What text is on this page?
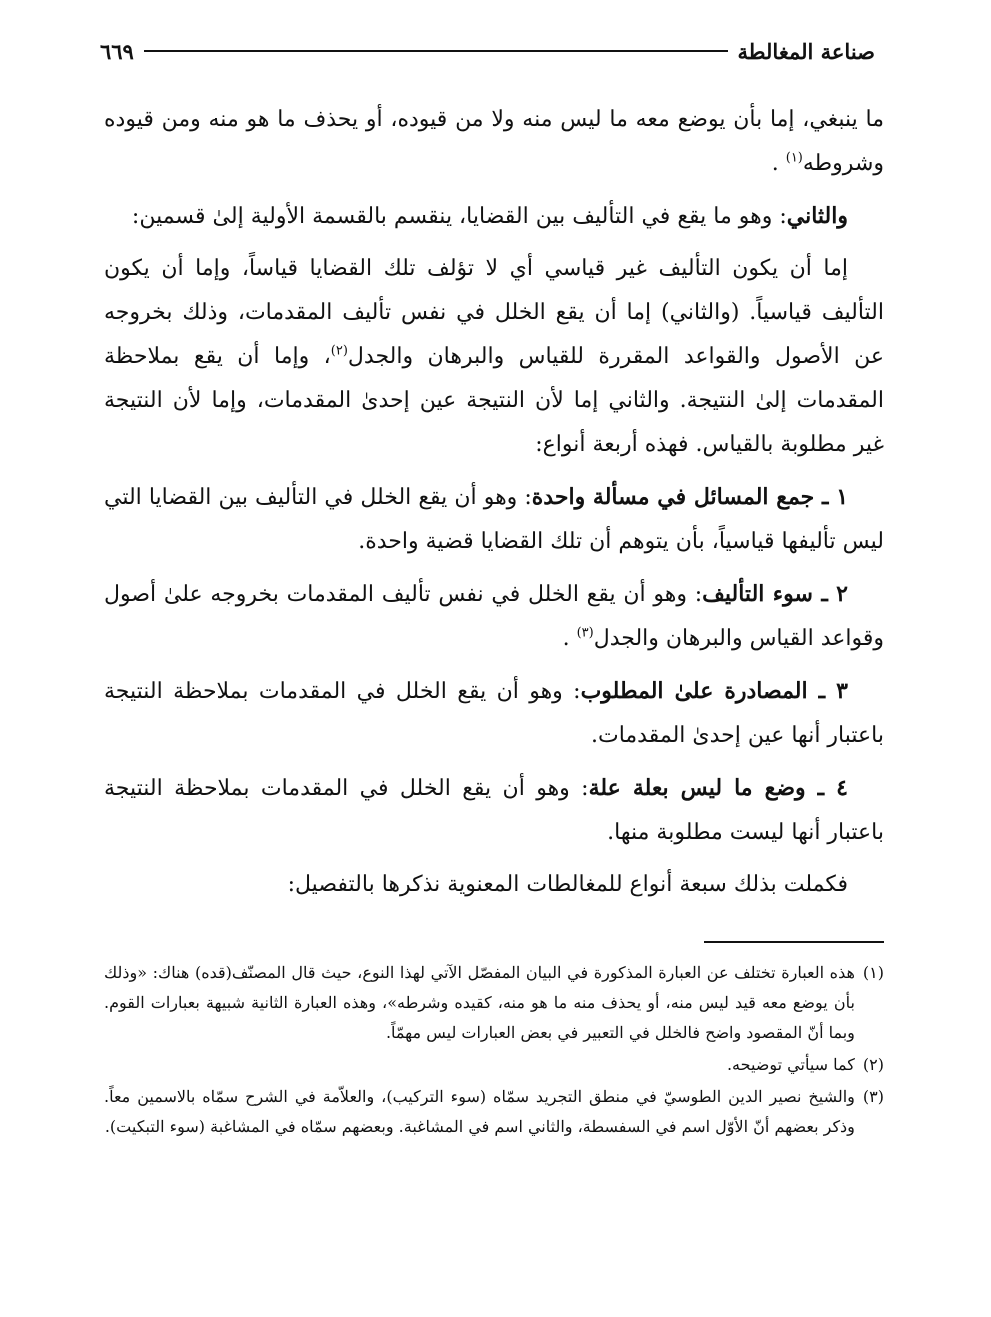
صناعة المغالطة
٦٦٩

ما ينبغي، إما بأن يوضع معه ما ليس منه ولا من قيوده، أو يحذف ما هو منه ومن قيوده وشروطه$^{(١)}$ .

والثاني: وهو ما يقع في التأليف بين القضايا، ينقسم بالقسمة الأولية إلىٰ قسمين:

إما أن يكون التأليف غير قياسي أي لا تؤلف تلك القضايا قياساً، وإما أن يكون التأليف قياسياً. (والثاني) إما أن يقع الخلل في نفس تأليف المقدمات، وذلك بخروجه عن الأصول والقواعد المقررة للقياس والبرهان والجدل$^{(٢)}$، وإما أن يقع بملاحظة المقدمات إلىٰ النتيجة. والثاني إما لأن النتيجة عين إحدىٰ المقدمات، وإما لأن النتيجة غير مطلوبة بالقياس. فهذه أربعة أنواع:

١ ـ جمع المسائل في مسألة واحدة: وهو أن يقع الخلل في التأليف بين القضايا التي ليس تأليفها قياسياً، بأن يتوهم أن تلك القضايا قضية واحدة.

٢ ـ سوء التأليف: وهو أن يقع الخلل في نفس تأليف المقدمات بخروجه علىٰ أصول وقواعد القياس والبرهان والجدل$^{(٣)}$ .

٣ ـ المصادرة علىٰ المطلوب: وهو أن يقع الخلل في المقدمات بملاحظة النتيجة باعتبار أنها عين إحدىٰ المقدمات.

٤ ـ وضع ما ليس بعلة علة: وهو أن يقع الخلل في المقدمات بملاحظة النتيجة باعتبار أنها ليست مطلوبة منها.

فكملت بذلك سبعة أنواع للمغالطات المعنوية نذكرها بالتفصيل:

(١)
هذه العبارة تختلف عن العبارة المذكورة في البيان المفصّل الآتي لهذا النوع، حيث قال المصنّف(قده) هناك: «وذلك بأن يوضع معه قيد ليس منه، أو يحذف منه ما هو منه، كقيده وشرطه»، وهذه العبارة الثانية شبيهة بعبارات القوم. وبما أنّ المقصود واضح فالخلل في التعبير في بعض العبارات ليس مهمّاً.
(٢)
كما سيأتي توضيحه.
(٣)
والشيخ نصير الدين الطوسيّ في منطق التجريد سمّاه (سوء التركيب)، والعلاّمة في الشرح سمّاه بالاسمين معاً. وذكر بعضهم أنّ الأوّل اسم في السفسطة، والثاني اسم في المشاغبة. وبعضهم سمّاه في المشاغبة (سوء التبكيت).
